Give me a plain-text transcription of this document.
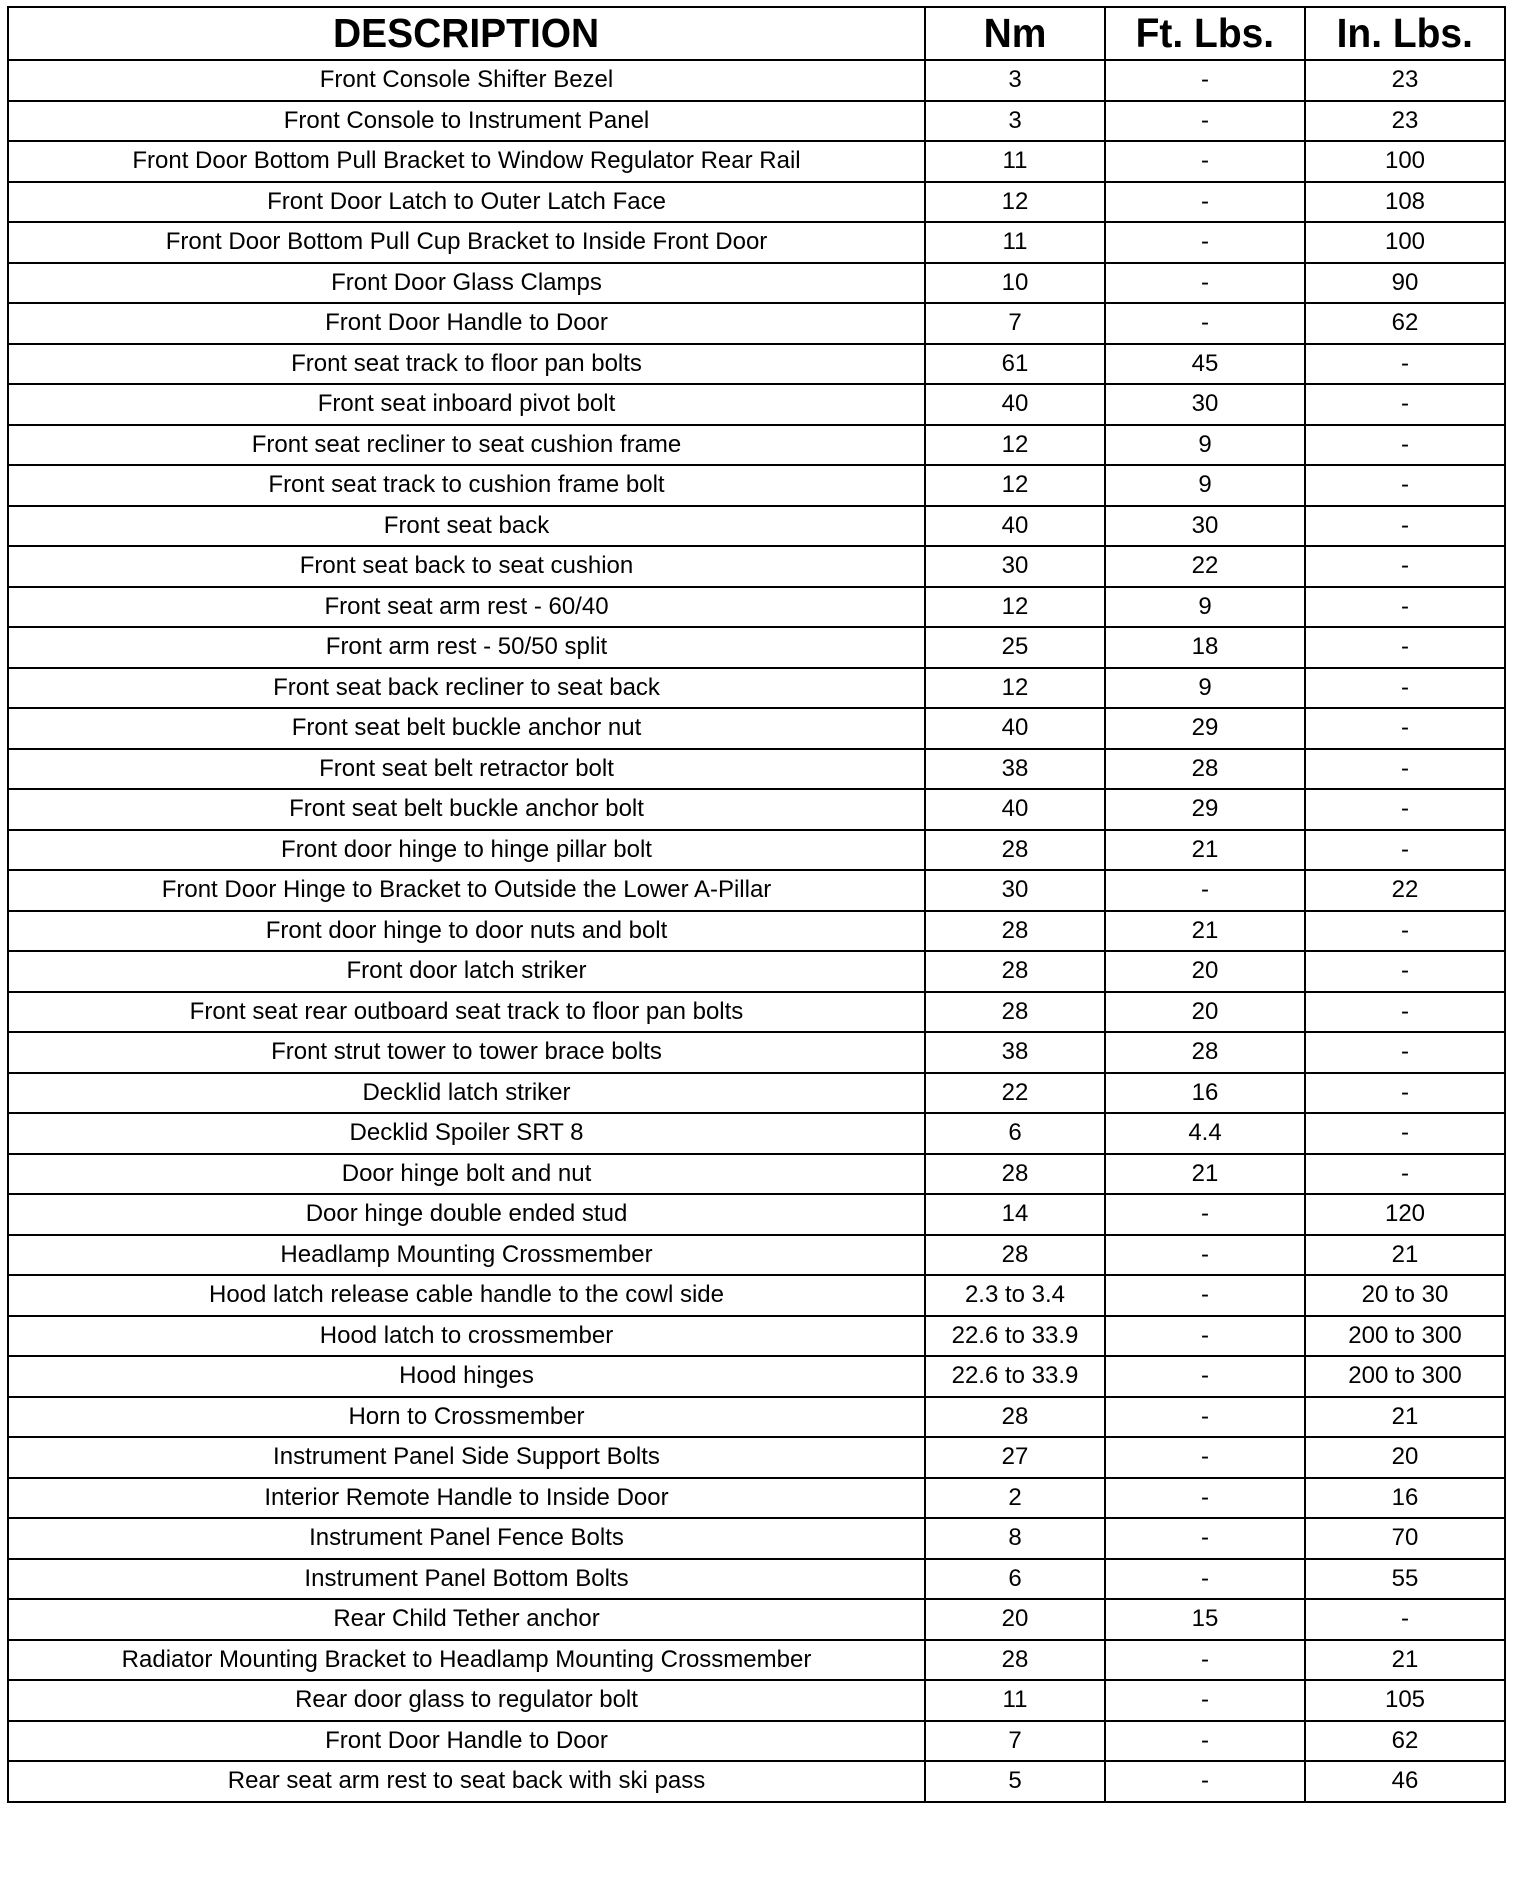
DESCRIPTION	Nm	Ft. Lbs.	In. Lbs.
Front Console Shifter Bezel	3	-	23
Front Console to Instrument Panel	3	-	23
Front Door Bottom Pull Bracket to Window Regulator Rear Rail	11	-	100
Front Door Latch to Outer Latch Face	12	-	108
Front Door Bottom Pull Cup Bracket to Inside Front Door	11	-	100
Front Door Glass Clamps	10	-	90
Front Door Handle to Door	7	-	62
Front seat track to floor pan bolts	61	45	-
Front seat inboard pivot bolt	40	30	-
Front seat recliner to seat cushion frame	12	9	-
Front seat track to cushion frame bolt	12	9	-
Front seat back	40	30	-
Front seat back to seat cushion	30	22	-
Front seat arm rest - 60/40	12	9	-
Front arm rest - 50/50 split	25	18	-
Front seat back recliner to seat back	12	9	-
Front seat belt buckle anchor nut	40	29	-
Front seat belt retractor bolt	38	28	-
Front seat belt buckle anchor bolt	40	29	-
Front door hinge to hinge pillar bolt	28	21	-
Front Door Hinge to Bracket to Outside the Lower A-Pillar	30	-	22
Front door hinge to door nuts and bolt	28	21	-
Front door latch striker	28	20	-
Front seat rear outboard seat track to floor pan bolts	28	20	-
Front strut tower to tower brace bolts	38	28	-
Decklid latch striker	22	16	-
Decklid Spoiler SRT 8	6	4.4	-
Door hinge bolt and nut	28	21	-
Door hinge double ended stud	14	-	120
Headlamp Mounting Crossmember	28	-	21
Hood latch release cable handle to the cowl side	2.3 to 3.4	-	20 to 30
Hood latch to crossmember	22.6 to 33.9	-	200 to 300
Hood hinges	22.6 to 33.9	-	200 to 300
Horn to Crossmember	28	-	21
Instrument Panel Side Support Bolts	27	-	20
Interior Remote Handle to Inside Door	2	-	16
Instrument Panel Fence Bolts	8	-	70
Instrument Panel Bottom Bolts	6	-	55
Rear Child Tether anchor	20	15	-
Radiator Mounting Bracket to Headlamp Mounting Crossmember	28	-	21
Rear door glass to regulator bolt	11	-	105
Front Door Handle to Door	7	-	62
Rear seat arm rest to seat back with ski pass	5	-	46
